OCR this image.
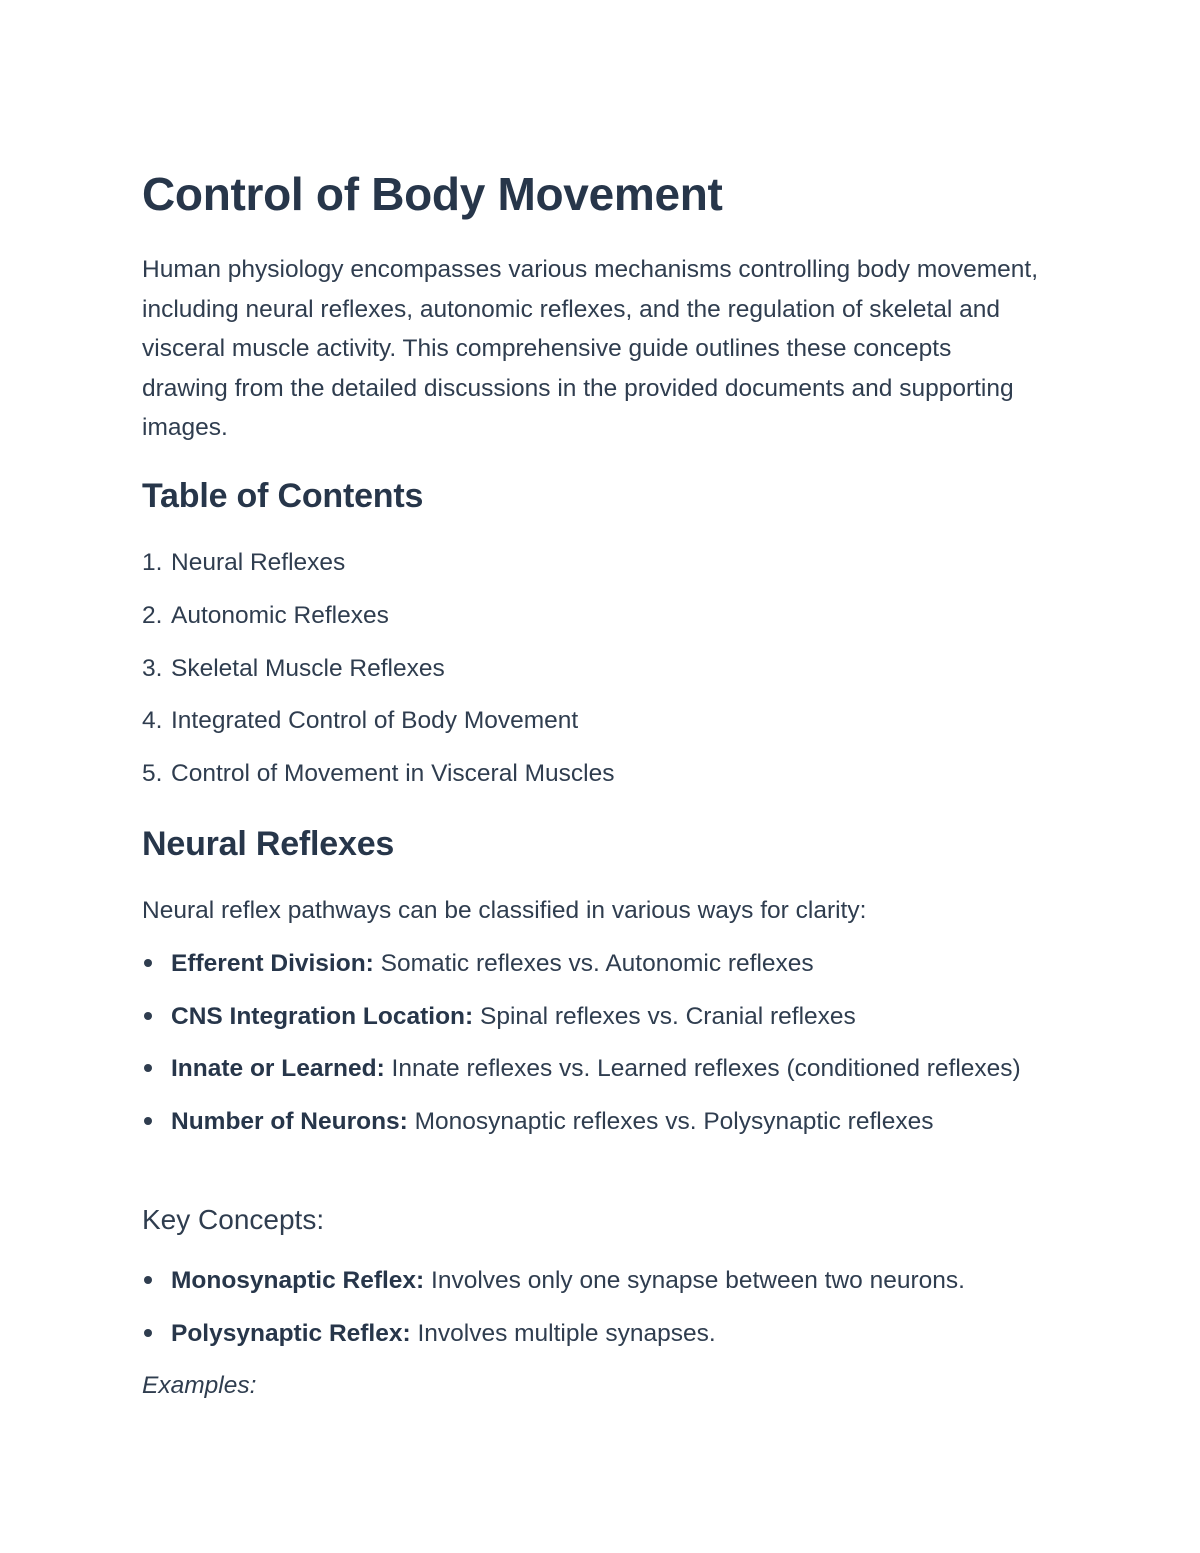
Control of Body Movement

Human physiology encompasses various mechanisms controlling body movement, including neural reflexes, autonomic reflexes, and the regulation of skeletal and visceral muscle activity. This comprehensive guide outlines these concepts drawing from the detailed discussions in the provided documents and supporting images.

Table of Contents
1. Neural Reflexes
2. Autonomic Reflexes
3. Skeletal Muscle Reflexes
4. Integrated Control of Body Movement
5. Control of Movement in Visceral Muscles
Neural Reflexes

Neural reflex pathways can be classified in various ways for clarity:

Efferent Division: Somatic reflexes vs. Autonomic reflexes
CNS Integration Location: Spinal reflexes vs. Cranial reflexes
Innate or Learned: Innate reflexes vs. Learned reflexes (conditioned reflexes)
Number of Neurons: Monosynaptic reflexes vs. Polysynaptic reflexes
Key Concepts:
Monosynaptic Reflex: Involves only one synapse between two neurons.
Polysynaptic Reflex: Involves multiple synapses.

Examples:
